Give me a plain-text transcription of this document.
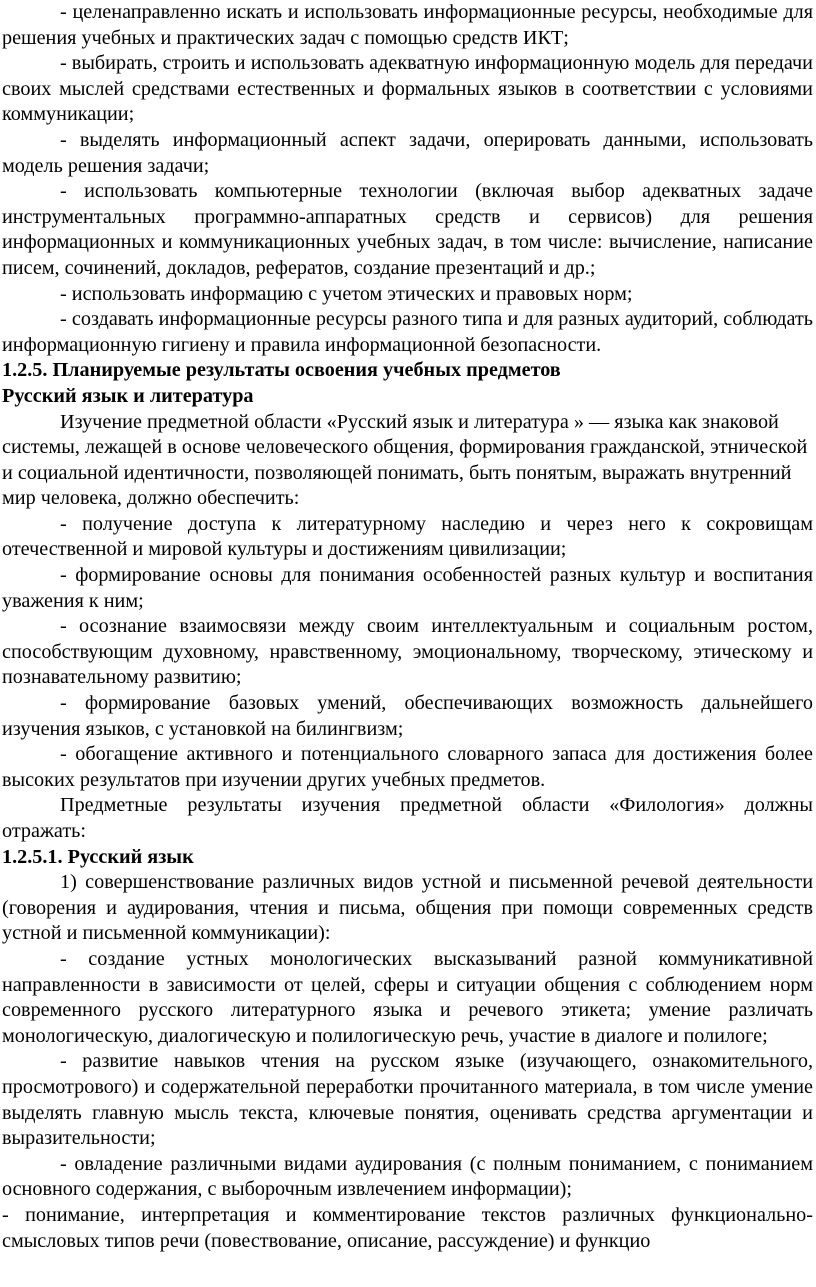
- целенаправленно искать и использовать информационные ресурсы, необходимые для решения учебных и практических задач с помощью средств ИКТ;

- выбирать, строить и использовать адекватную информационную модель для передачи своих мыслей средствами естественных и формальных языков в соответствии с условиями коммуникации;

- выделять информационный аспект задачи, оперировать данными, использовать модель решения задачи;

- использовать компьютерные технологии (включая выбор адекватных задаче инструментальных программно-аппаратных средств и сервисов) для решения информационных и коммуникационных учебных задач, в том числе: вычисление, написание писем, сочинений, докладов, рефератов, создание презентаций и др.;

- использовать информацию с учетом этических и правовых норм;

- создавать информационные ресурсы разного типа и для разных аудиторий, соблюдать информационную гигиену и правила информационной безопасности.

1.2.5. Планируемые результаты освоения учебных предметов

Русский язык и литература

Изучение предметной области «Русский язык и литература » — языка как знаковой системы, лежащей в основе человеческого общения, формирования гражданской, этнической и социальной идентичности, позволяющей понимать, быть понятым, выражать внутренний мир человека, должно обеспечить:

- получение доступа к литературному наследию и через него к сокровищам отечественной и мировой культуры и достижениям цивилизации;

- формирование основы для понимания особенностей разных культур и воспитания уважения к ним;

- осознание взаимосвязи между своим интеллектуальным и социальным ростом, способствующим духовному, нравственному, эмоциональному, творческому, этическому и познавательному развитию;

- формирование базовых умений, обеспечивающих возможность дальнейшего изучения языков, с установкой на билингвизм;

- обогащение активного и потенциального словарного запаса для достижения более высоких результатов при изучении других учебных предметов.

Предметные результаты изучения предметной области «Филология» должны отражать:

1.2.5.1. Русский язык

1) совершенствование различных видов устной и письменной речевой деятельности (говорения и аудирования, чтения и письма, общения при помощи современных средств устной и письменной коммуникации):

- создание устных монологических высказываний разной коммуникативной направленности в зависимости от целей, сферы и ситуации общения с соблюдением норм современного русского литературного языка и речевого этикета; умение различать монологическую, диалогическую и полилогическую речь, участие в диалоге и полилоге;

- развитие навыков чтения на русском языке (изучающего, ознакомительного, просмотрового) и содержательной переработки прочитанного материала, в том числе умение выделять главную мысль текста, ключевые понятия, оценивать средства аргументации и выразительности;

- овладение различными видами аудирования (с полным пониманием, с пониманием основного содержания, с выборочным извлечением информации);

- понимание, интерпретация и комментирование текстов различных функционально-смысловых типов речи (повествование, описание, рассуждение) и функцио
